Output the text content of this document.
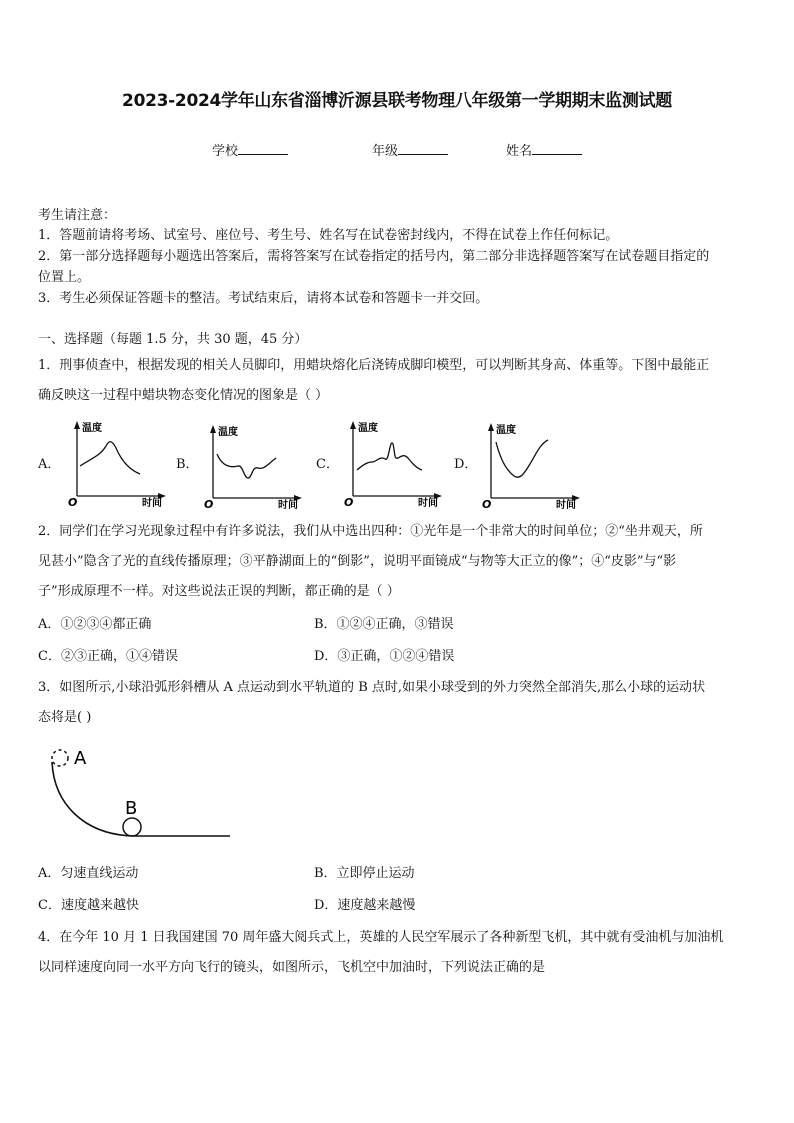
2023-2024学年山东省淄博沂源县联考物理八年级第一学期期末监测试题
学校	年级	姓名
考生请注意：
1．答题前请将考场、试室号、座位号、考生号、姓名写在试卷密封线内，不得在试卷上作任何标记。
2．第一部分选择题每小题选出答案后，需将答案写在试卷指定的括号内，第二部分非选择题答案写在试卷题目指定的
位置上。
3．考生必须保证答题卡的整洁。考试结束后，请将本试卷和答题卡一并交回。
一、选择题（每题 1.5 分，共 30 题，45 分）
1．刑事侦查中，根据发现的相关人员脚印，用蜡块熔化后浇铸成脚印模型，可以判断其身高、体重等。下图中最能正
确反映这一过程中蜡块物态变化情况的图象是（ ）
A．	B．	C．	D．
温度
时间
O
温度
时间
O
温度
时间
O
温度
时间
O
2．同学们在学习光现象过程中有许多说法，我们从中选出四种：①光年是一个非常大的时间单位；②“坐井观天，所
见甚小”隐含了光的直线传播原理；③平静湖面上的“倒影”，说明平面镜成“与物等大正立的像”；④“皮影”与“影
子”形成原理不一样。对这些说法正误的判断，都正确的是（ ）
A．①②③④都正确	B．①②④正确，③错误
C．②③正确，①④错误	D．③正确，①②④错误
3．如图所示,小球沿弧形斜槽从 A 点运动到水平轨道的 B 点时,如果小球受到的外力突然全部消失,那么小球的运动状
态将是( )
A
B
A．匀速直线运动	B．立即停止运动
C．速度越来越快	D．速度越来越慢
4．在今年 10 月 1 日我国建国 70 周年盛大阅兵式上，英雄的人民空军展示了各种新型飞机，其中就有受油机与加油机
以同样速度向同一水平方向飞行的镜头，如图所示，飞机空中加油时，下列说法正确的是
